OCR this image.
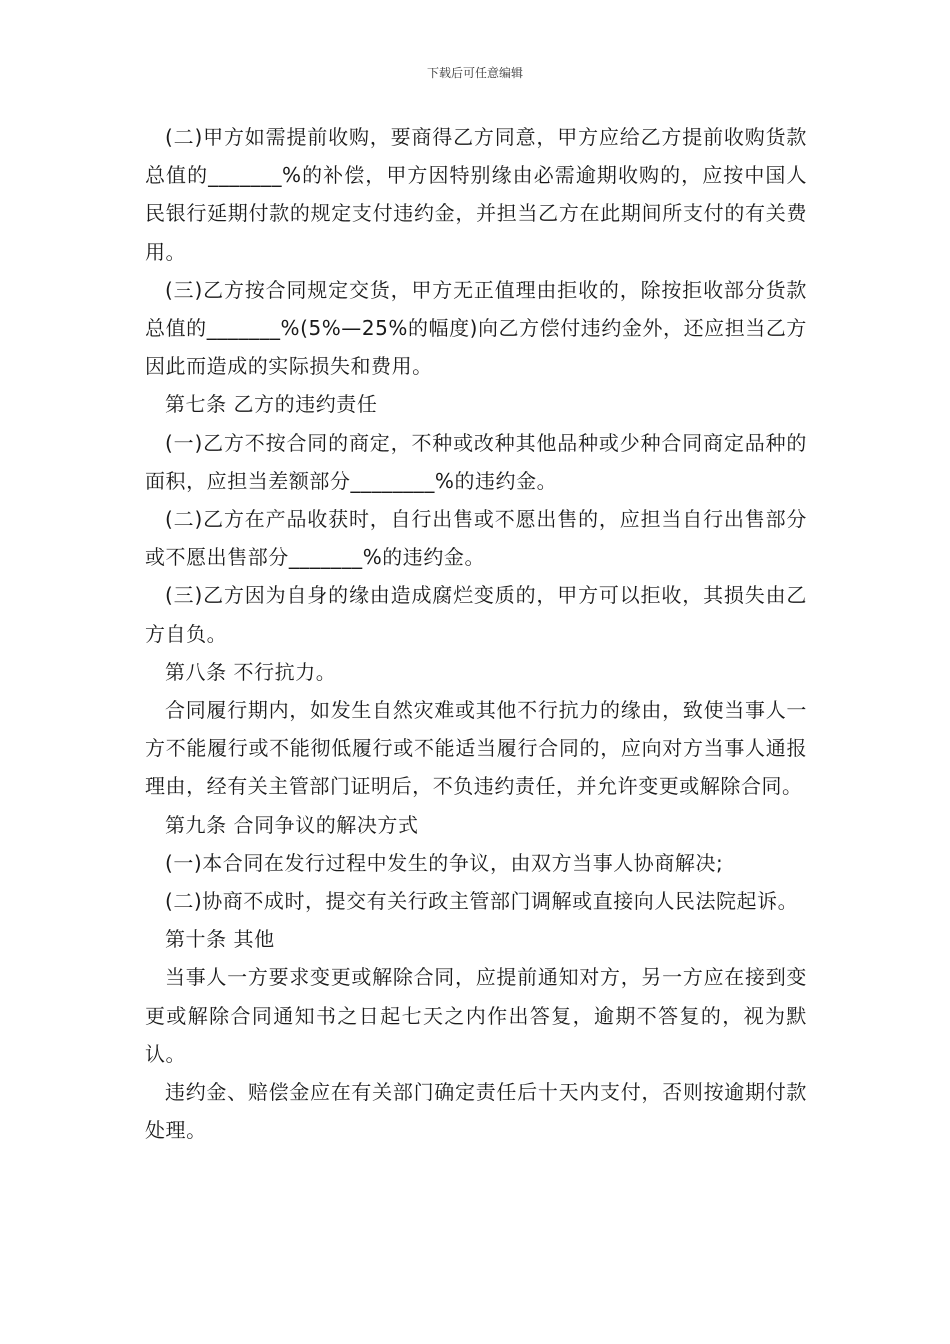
下载后可任意编辑

(二)甲方如需提前收购，要商得乙方同意，甲方应给乙方提前收购货款总值的_______%的补偿，甲方因特别缘由必需逾期收购的，应按中国人民银行延期付款的规定支付违约金，并担当乙方在此期间所支付的有关费用。

(三)乙方按合同规定交货，甲方无正值理由拒收的，除按拒收部分货款总值的_______%(5%—25%的幅度)向乙方偿付违约金外，还应担当乙方因此而造成的实际损失和费用。

第七条 乙方的违约责任

(一)乙方不按合同的商定，不种或改种其他品种或少种合同商定品种的面积，应担当差额部分________%的违约金。

(二)乙方在产品收获时，自行出售或不愿出售的，应担当自行出售部分或不愿出售部分_______%的违约金。

(三)乙方因为自身的缘由造成腐烂变质的，甲方可以拒收，其损失由乙方自负。

第八条 不行抗力。

合同履行期内，如发生自然灾难或其他不行抗力的缘由，致使当事人一方不能履行或不能彻低履行或不能适当履行合同的，应向对方当事人通报理由，经有关主管部门证明后，不负违约责任，并允许变更或解除合同。

第九条 合同争议的解决方式

(一)本合同在发行过程中发生的争议，由双方当事人协商解决;

(二)协商不成时，提交有关行政主管部门调解或直接向人民法院起诉。

第十条 其他

当事人一方要求变更或解除合同，应提前通知对方，另一方应在接到变更或解除合同通知书之日起七天之内作出答复，逾期不答复的，视为默认。

违约金、赔偿金应在有关部门确定责任后十天内支付，否则按逾期付款处理。
